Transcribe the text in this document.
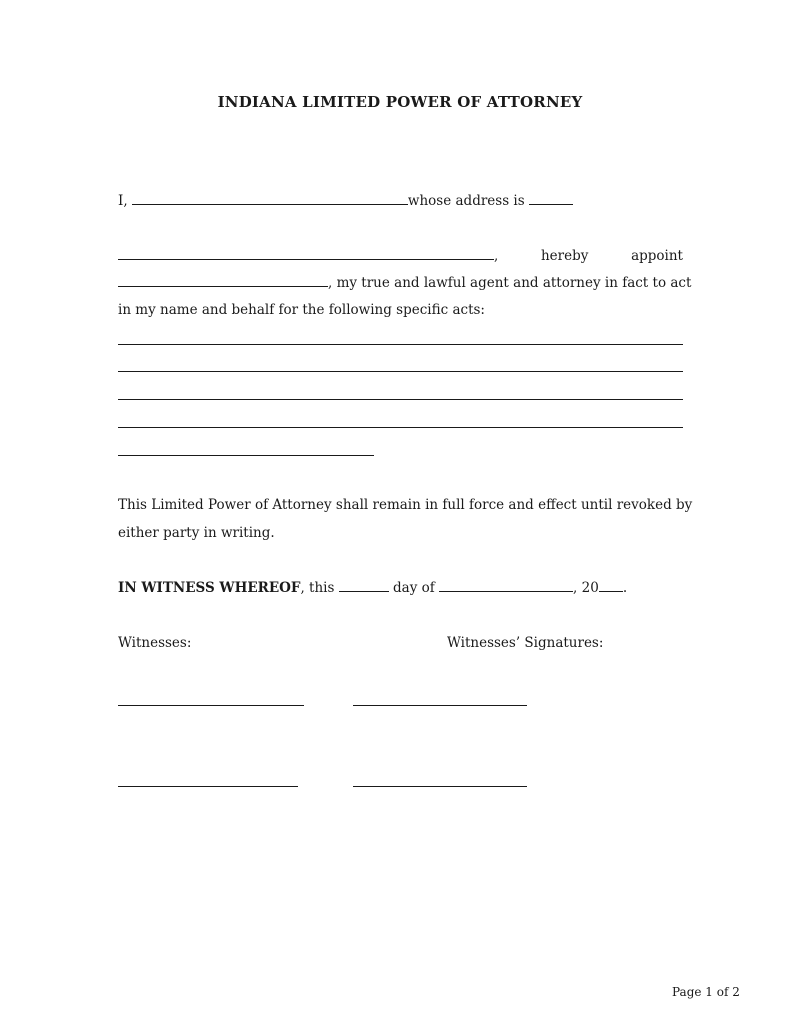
INDIANA LIMITED POWER OF ATTORNEY
I,	whose address is
,	hereby	appoint
, my true and lawful agent and attorney in fact to act
in my name and behalf for the following specific acts:
This Limited Power of Attorney shall remain in full force and effect until revoked by
either party in writing.
IN WITNESS WHEREOF, this	day of	, 20 .
Witnesses:	Witnesses’ Signatures:
Page 1 of 2
